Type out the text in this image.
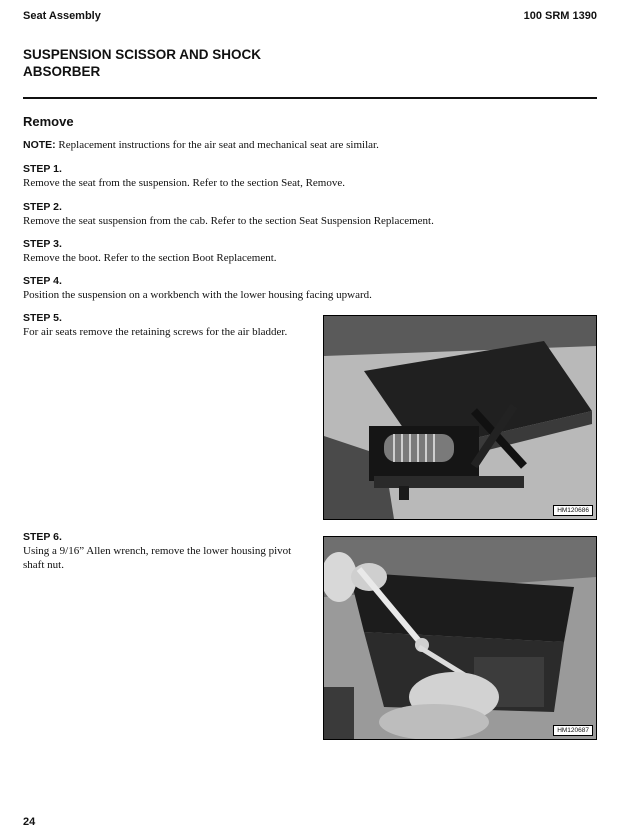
Seat Assembly	100 SRM 1390
SUSPENSION SCISSOR AND SHOCK
ABSORBER
Remove
NOTE: Replacement instructions for the air seat and mechanical seat are similar.
STEP 1.
Remove the seat from the suspension. Refer to the section Seat, Remove.
STEP 2.
Remove the seat suspension from the cab. Refer to the section Seat Suspension Replacement.
STEP 3.
Remove the boot. Refer to the section Boot Replacement.
STEP 4.
Position the suspension on a workbench with the lower housing facing upward.
STEP 5.
For air seats remove the retaining screws for the air bladder.
STEP 6.
Using a 9/16” Allen wrench, remove the lower housing pivot shaft nut.
HM120686
HM120687
24
